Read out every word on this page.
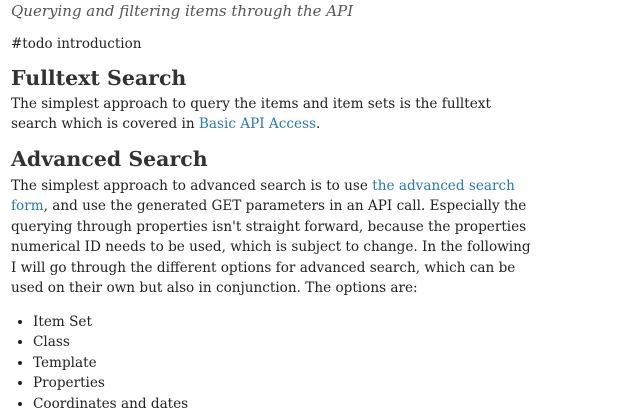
Querying and filtering items through the API
#todo introduction
Fulltext Search

The simplest approach to query the items and item sets is the fulltext search which is covered in Basic API Access.

Advanced Search

The simplest approach to advanced search is to use the advanced search form, and use the generated GET parameters in an API call. Especially the querying through properties isn't straight forward, because the properties numerical ID needs to be used, which is subject to change. In the following I will go through the different options for advanced search, which can be used on their own but also in conjunction. The options are:

• Item Set
• Class
• Template
• Properties
• Coordinates and dates
